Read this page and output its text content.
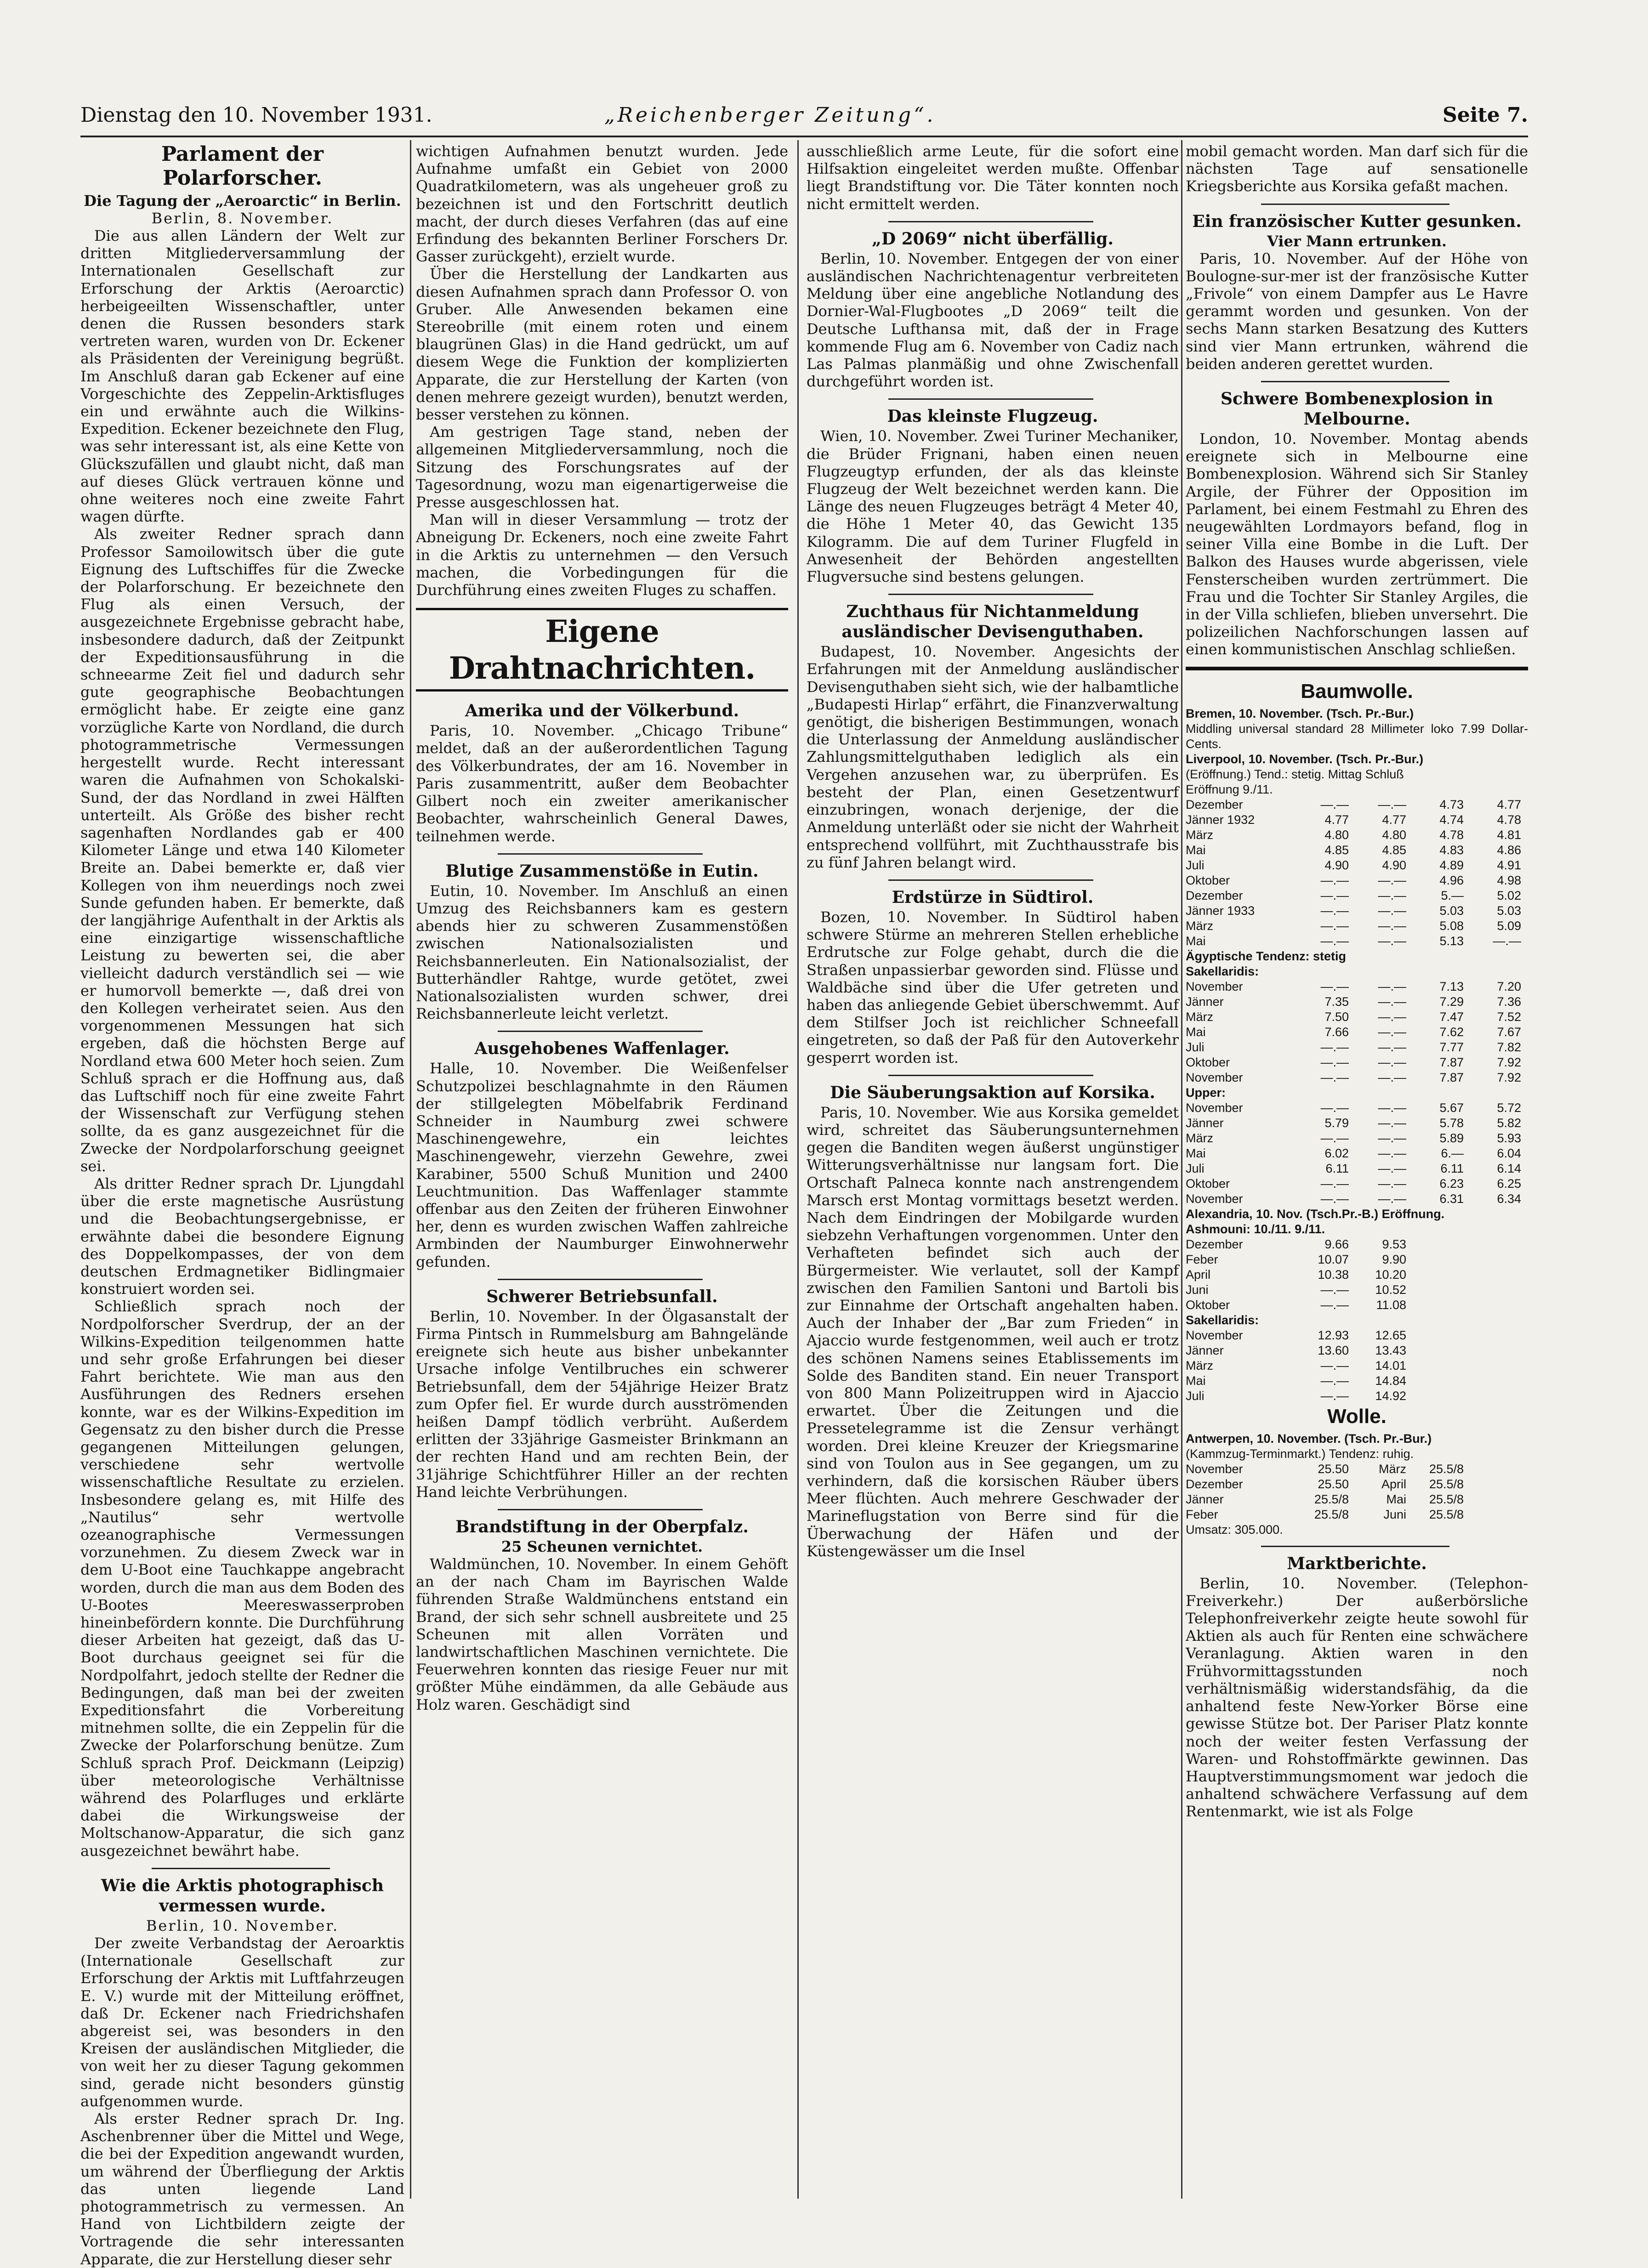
Dienstag den 10. November 1931.	„Reichenberger Zeitung“.	Seite 7.
Parlament der Polarforscher.
Die Tagung der „Aeroarctic“ in Berlin.
Berlin, 8. November.

Die aus allen Ländern der Welt zur dritten Mitgliederversammlung der Internationalen Gesellschaft zur Erforschung der Arktis (Aeroarctic) herbeigeeilten Wissenschaftler, unter denen die Russen besonders stark vertreten waren, wurden von Dr. Eckener als Präsidenten der Vereinigung begrüßt. Im Anschluß daran gab Eckener auf eine Vorgeschichte des Zeppelin-Arktisfluges ein und erwähnte auch die Wilkins-Expedition. Eckener bezeichnete den Flug, was sehr interessant ist, als eine Kette von Glückszufällen und glaubt nicht, daß man auf dieses Glück vertrauen könne und ohne weiteres noch eine zweite Fahrt wagen dürfte.

Als zweiter Redner sprach dann Professor Samoilowitsch über die gute Eignung des Luftschiffes für die Zwecke der Polarforschung. Er bezeichnete den Flug als einen Versuch, der ausgezeichnete Ergebnisse gebracht habe, insbesondere dadurch, daß der Zeitpunkt der Expeditionsausführung in die schneearme Zeit fiel und dadurch sehr gute geographische Beobachtungen ermöglicht habe. Er zeigte eine ganz vorzügliche Karte von Nordland, die durch photogrammetrische Vermessungen hergestellt wurde. Recht interessant waren die Aufnahmen von Schokalski-Sund, der das Nordland in zwei Hälften unterteilt. Als Größe des bisher recht sagenhaften Nordlandes gab er 400 Kilometer Länge und etwa 140 Kilometer Breite an. Dabei bemerkte er, daß vier Kollegen von ihm neuerdings noch zwei Sunde gefunden haben. Er bemerkte, daß der langjährige Aufenthalt in der Arktis als eine einzigartige wissenschaftliche Leistung zu bewerten sei, die aber vielleicht dadurch verständlich sei — wie er humorvoll bemerkte —, daß drei von den Kollegen verheiratet seien. Aus den vorgenommenen Messungen hat sich ergeben, daß die höchsten Berge auf Nordland etwa 600 Meter hoch seien. Zum Schluß sprach er die Hoffnung aus, daß das Luftschiff noch für eine zweite Fahrt der Wissenschaft zur Verfügung stehen sollte, da es ganz ausgezeichnet für die Zwecke der Nordpolarforschung geeignet sei.

Als dritter Redner sprach Dr. Ljungdahl über die erste magnetische Ausrüstung und die Beobachtungsergebnisse, er erwähnte dabei die besondere Eignung des Doppelkompasses, der von dem deutschen Erdmagnetiker Bidlingmaier konstruiert worden sei.

Schließlich sprach noch der Nordpolforscher Sverdrup, der an der Wilkins-Expedition teilgenommen hatte und sehr große Erfahrungen bei dieser Fahrt berichtete. Wie man aus den Ausführungen des Redners ersehen konnte, war es der Wilkins-Expedition im Gegensatz zu den bisher durch die Presse gegangenen Mitteilungen gelungen, verschiedene sehr wertvolle wissenschaftliche Resultate zu erzielen. Insbesondere gelang es, mit Hilfe des „Nautilus“ sehr wertvolle ozeanographische Vermessungen vorzunehmen. Zu diesem Zweck war in dem U-Boot eine Tauchkappe angebracht worden, durch die man aus dem Boden des U-Bootes Meereswasserproben hineinbefördern konnte. Die Durchführung dieser Arbeiten hat gezeigt, daß das U-Boot durchaus geeignet sei für die Nordpolfahrt, jedoch stellte der Redner die Bedingungen, daß man bei der zweiten Expeditionsfahrt die Vorbereitung mitnehmen sollte, die ein Zeppelin für die Zwecke der Polarforschung benütze. Zum Schluß sprach Prof. Deickmann (Leipzig) über meteorologische Verhältnisse während des Polarfluges und erklärte dabei die Wirkungsweise der Moltschanow-Apparatur, die sich ganz ausgezeichnet bewährt habe.

Wie die Arktis photographisch vermessen wurde.
Berlin, 10. November.

Der zweite Verbandstag der Aeroarktis (Internationale Gesellschaft zur Erforschung der Arktis mit Luftfahrzeugen E. V.) wurde mit der Mitteilung eröffnet, daß Dr. Eckener nach Friedrichshafen abgereist sei, was besonders in den Kreisen der ausländischen Mitglieder, die von weit her zu dieser Tagung gekommen sind, gerade nicht besonders günstig aufgenommen wurde.

Als erster Redner sprach Dr. Ing. Aschenbrenner über die Mittel und Wege, die bei der Expedition angewandt wurden, um während der Überfliegung der Arktis das unten liegende Land photogrammetrisch zu vermessen. An Hand von Lichtbildern zeigte der Vortragende die sehr interessanten Apparate, die zur Herstellung dieser sehr

wichtigen Aufnahmen benutzt wurden. Jede Aufnahme umfaßt ein Gebiet von 2000 Quadratkilometern, was als ungeheuer groß zu bezeichnen ist und den Fortschritt deutlich macht, der durch dieses Verfahren (das auf eine Erfindung des bekannten Berliner Forschers Dr. Gasser zurückgeht), erzielt wurde.

Über die Herstellung der Landkarten aus diesen Aufnahmen sprach dann Professor O. von Gruber. Alle Anwesenden bekamen eine Stereobrille (mit einem roten und einem blaugrünen Glas) in die Hand gedrückt, um auf diesem Wege die Funktion der komplizierten Apparate, die zur Herstellung der Karten (von denen mehrere gezeigt wurden), benutzt werden, besser verstehen zu können.

Am gestrigen Tage stand, neben der allgemeinen Mitgliederversammlung, noch die Sitzung des Forschungsrates auf der Tagesordnung, wozu man eigenartigerweise die Presse ausgeschlossen hat.

Man will in dieser Versammlung — trotz der Abneigung Dr. Eckeners, noch eine zweite Fahrt in die Arktis zu unternehmen — den Versuch machen, die Vorbedingungen für die Durchführung eines zweiten Fluges zu schaffen.

Eigene Drahtnachrichten.
Amerika und der Völkerbund.

Paris, 10. November. „Chicago Tribune“ meldet, daß an der außerordentlichen Tagung des Völkerbundrates, der am 16. November in Paris zusammentritt, außer dem Beobachter Gilbert noch ein zweiter amerikanischer Beobachter, wahrscheinlich General Dawes, teilnehmen werde.

Blutige Zusammenstöße in Eutin.

Eutin, 10. November. Im Anschluß an einen Umzug des Reichsbanners kam es gestern abends hier zu schweren Zusammenstößen zwischen Nationalsozialisten und Reichsbannerleuten. Ein Nationalsozialist, der Butterhändler Rahtge, wurde getötet, zwei Nationalsozialisten wurden schwer, drei Reichsbannerleute leicht verletzt.

Ausgehobenes Waffenlager.

Halle, 10. November. Die Weißenfelser Schutzpolizei beschlagnahmte in den Räumen der stillgelegten Möbelfabrik Ferdinand Schneider in Naumburg zwei schwere Maschinengewehre, ein leichtes Maschinengewehr, vierzehn Gewehre, zwei Karabiner, 5500 Schuß Munition und 2400 Leuchtmunition. Das Waffenlager stammte offenbar aus den Zeiten der früheren Einwohner her, denn es wurden zwischen Waffen zahlreiche Armbinden der Naumburger Einwohnerwehr gefunden.

Schwerer Betriebsunfall.

Berlin, 10. November. In der Ölgasanstalt der Firma Pintsch in Rummelsburg am Bahngelände ereignete sich heute aus bisher unbekannter Ursache infolge Ventilbruches ein schwerer Betriebsunfall, dem der 54jährige Heizer Bratz zum Opfer fiel. Er wurde durch ausströmenden heißen Dampf tödlich verbrüht. Außerdem erlitten der 33jährige Gasmeister Brinkmann an der rechten Hand und am rechten Bein, der 31jährige Schichtführer Hiller an der rechten Hand leichte Verbrühungen.

Brandstiftung in der Oberpfalz.
25 Scheunen vernichtet.

Waldmünchen, 10. November. In einem Gehöft an der nach Cham im Bayrischen Walde führenden Straße Waldmünchens entstand ein Brand, der sich sehr schnell ausbreitete und 25 Scheunen mit allen Vorräten und landwirtschaftlichen Maschinen vernichtete. Die Feuerwehren konnten das riesige Feuer nur mit größter Mühe eindämmen, da alle Gebäude aus Holz waren. Geschädigt sind

ausschließlich arme Leute, für die sofort eine Hilfsaktion eingeleitet werden mußte. Offenbar liegt Brandstiftung vor. Die Täter konnten noch nicht ermittelt werden.

„D 2069“ nicht überfällig.

Berlin, 10. November. Entgegen der von einer ausländischen Nachrichtenagentur verbreiteten Meldung über eine angebliche Notlandung des Dornier-Wal-Flugbootes „D 2069“ teilt die Deutsche Lufthansa mit, daß der in Frage kommende Flug am 6. November von Cadiz nach Las Palmas planmäßig und ohne Zwischenfall durchgeführt worden ist.

Das kleinste Flugzeug.

Wien, 10. November. Zwei Turiner Mechaniker, die Brüder Frignani, haben einen neuen Flugzeugtyp erfunden, der als das kleinste Flugzeug der Welt bezeichnet werden kann. Die Länge des neuen Flugzeuges beträgt 4 Meter 40, die Höhe 1 Meter 40, das Gewicht 135 Kilogramm. Die auf dem Turiner Flugfeld in Anwesenheit der Behörden angestellten Flugversuche sind bestens gelungen.

Zuchthaus für Nichtanmeldung ausländischer Devisenguthaben.

Budapest, 10. November. Angesichts der Erfahrungen mit der Anmeldung ausländischer Devisenguthaben sieht sich, wie der halbamtliche „Budapesti Hirlap“ erfährt, die Finanzverwaltung genötigt, die bisherigen Bestimmungen, wonach die Unterlassung der Anmeldung ausländischer Zahlungsmittelguthaben lediglich als ein Vergehen anzusehen war, zu überprüfen. Es besteht der Plan, einen Gesetzentwurf einzubringen, wonach derjenige, der die Anmeldung unterläßt oder sie nicht der Wahrheit entsprechend vollführt, mit Zuchthausstrafe bis zu fünf Jahren belangt wird.

Erdstürze in Südtirol.

Bozen, 10. November. In Südtirol haben schwere Stürme an mehreren Stellen erhebliche Erdrutsche zur Folge gehabt, durch die die Straßen unpassierbar geworden sind. Flüsse und Waldbäche sind über die Ufer getreten und haben das anliegende Gebiet überschwemmt. Auf dem Stilfser Joch ist reichlicher Schneefall eingetreten, so daß der Paß für den Autoverkehr gesperrt worden ist.

Die Säuberungsaktion auf Korsika.

Paris, 10. November. Wie aus Korsika gemeldet wird, schreitet das Säuberungsunternehmen gegen die Banditen wegen äußerst ungünstiger Witterungsverhältnisse nur langsam fort. Die Ortschaft Palneca konnte nach anstrengendem Marsch erst Montag vormittags besetzt werden. Nach dem Eindringen der Mobilgarde wurden siebzehn Verhaftungen vorgenommen. Unter den Verhafteten befindet sich auch der Bürgermeister. Wie verlautet, soll der Kampf zwischen den Familien Santoni und Bartoli bis zur Einnahme der Ortschaft angehalten haben. Auch der Inhaber der „Bar zum Frieden“ in Ajaccio wurde festgenommen, weil auch er trotz des schönen Namens seines Etablissements im Solde des Banditen stand. Ein neuer Transport von 800 Mann Polizeitruppen wird in Ajaccio erwartet. Über die Zeitungen und die Pressetelegramme ist die Zensur verhängt worden. Drei kleine Kreuzer der Kriegsmarine sind von Toulon aus in See gegangen, um zu verhindern, daß die korsischen Räuber übers Meer flüchten. Auch mehrere Geschwader der Marineflugstation von Berre sind für die Überwachung der Häfen und der Küstengewässer um die Insel

mobil gemacht worden. Man darf sich für die nächsten Tage auf sensationelle Kriegsberichte aus Korsika gefaßt machen.

Ein französischer Kutter gesunken.
Vier Mann ertrunken.

Paris, 10. November. Auf der Höhe von Boulogne-sur-mer ist der französische Kutter „Frivole“ von einem Dampfer aus Le Havre gerammt worden und gesunken. Von der sechs Mann starken Besatzung des Kutters sind vier Mann ertrunken, während die beiden anderen gerettet wurden.

Schwere Bombenexplosion in Melbourne.

London, 10. November. Montag abends ereignete sich in Melbourne eine Bombenexplosion. Während sich Sir Stanley Argile, der Führer der Opposition im Parlament, bei einem Festmahl zu Ehren des neugewählten Lordmayors befand, flog in seiner Villa eine Bombe in die Luft. Der Balkon des Hauses wurde abgerissen, viele Fensterscheiben wurden zertrümmert. Die Frau und die Tochter Sir Stanley Argiles, die in der Villa schliefen, blieben unversehrt. Die polizeilichen Nachforschungen lassen auf einen kommunistischen Anschlag schließen.

Baumwolle.
Bremen, 10. November. (Tsch. Pr.-Bur.)
Middling universal standard 28 Millimeter loko 7.99 Dollar-Cents.
Liverpool, 10. November. (Tsch. Pr.-Bur.)
(Eröffnung.) Tend.: stetig. Mittag Schluß
Eröffnung 9./11.
Dezember	—.—	—.—	4.73	4.77
Jänner 1932	4.77	4.77	4.74	4.78
März	4.80	4.80	4.78	4.81
Mai	4.85	4.85	4.83	4.86
Juli	4.90	4.90	4.89	4.91
Oktober	—.—	—.—	4.96	4.98
Dezember	—.—	—.—	5.—	5.02
Jänner 1933	—.—	—.—	5.03	5.03
März	—.—	—.—	5.08	5.09
Mai	—.—	—.—	5.13	—.—
Ägyptische Tendenz: stetig
Sakellaridis:
November	—.—	—.—	7.13	7.20
Jänner	7.35	—.—	7.29	7.36
März	7.50	—.—	7.47	7.52
Mai	7.66	—.—	7.62	7.67
Juli	—.—	—.—	7.77	7.82
Oktober	—.—	—.—	7.87	7.92
November	—.—	—.—	7.87	7.92
Upper:
November	—.—	—.—	5.67	5.72
Jänner	5.79	—.—	5.78	5.82
März	—.—	—.—	5.89	5.93
Mai	6.02	—.—	6.—	6.04
Juli	6.11	—.—	6.11	6.14
Oktober	—.—	—.—	6.23	6.25
November	—.—	—.—	6.31	6.34
Alexandria, 10. Nov. (Tsch.Pr.-B.) Eröffnung.
Ashmouni: 10./11. 9./11.
Dezember	9.66	9.53
Feber	10.07	9.90
April	10.38	10.20
Juni	—.—	10.52
Oktober	—.—	11.08
Sakellaridis:
November	12.93	12.65
Jänner	13.60	13.43
März	—.—	14.01
Mai	—.—	14.84
Juli	—.—	14.92
Wolle.
Antwerpen, 10. November. (Tsch. Pr.-Bur.)
(Kammzug-Terminmarkt.) Tendenz: ruhig.
November	25.50	März	25.5/8
Dezember	25.50	April	25.5/8
Jänner	25.5/8	Mai	25.5/8
Feber	25.5/8	Juni	25.5/8
Umsatz: 305.000.
Marktberichte.

Berlin, 10. November. (Telephon-Freiverkehr.) Der außerbörsliche Telephonfreiverkehr zeigte heute sowohl für Aktien als auch für Renten eine schwächere Veranlagung. Aktien waren in den Frühvormittagsstunden noch verhältnismäßig widerstandsfähig, da die anhaltend feste New-Yorker Börse eine gewisse Stütze bot. Der Pariser Platz konnte noch der weiter festen Verfassung der Waren- und Rohstoffmärkte gewinnen. Das Hauptverstimmungsmoment war jedoch die anhaltend schwächere Verfassung auf dem Rentenmarkt, wie ist als Folge
